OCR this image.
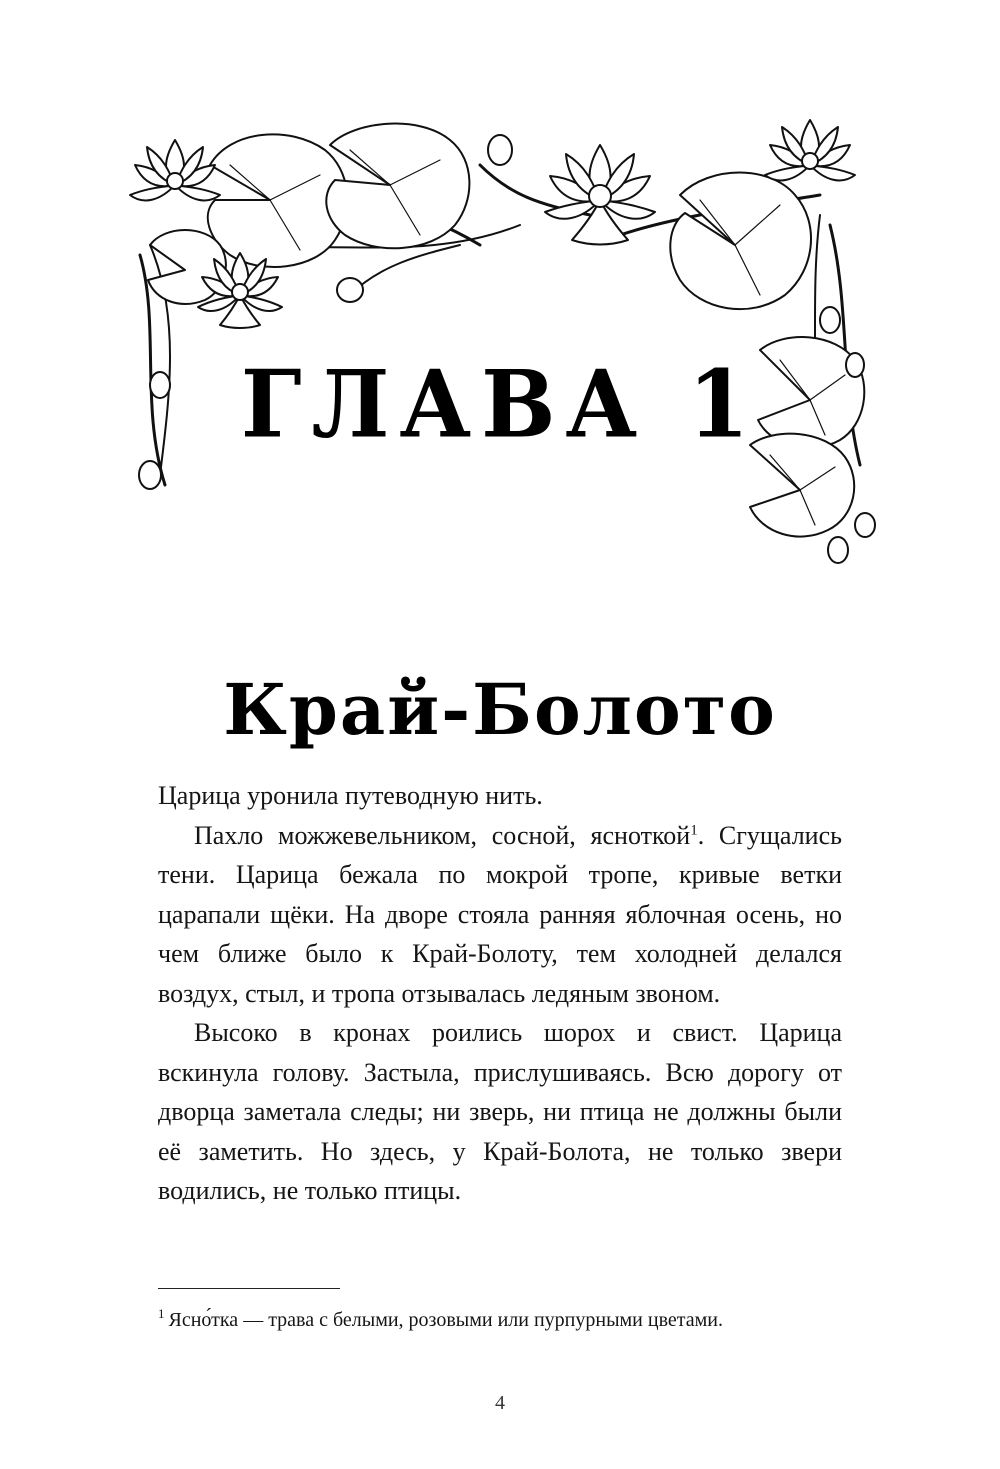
ГЛАВА 1
Край-Болото

Царица уронила путеводную нить.

Пахло можжевельником, сосной, ясноткой$^1$. Сгущались тени. Царица бежала по мокрой тропе, кривые ветки царапали щёки. На дворе стояла ранняя яблочная осень, но чем ближе было к Край-Болоту, тем холодней делался воздух, стыл, и тропа отзывалась ледяным звоном.

Высоко в кронах роились шорох и свист. Царица вскинула голову. Застыла, прислушиваясь. Всю дорогу от дворца заметала следы; ни зверь, ни птица не должны были её заметить. Но здесь, у Край-Болота, не только звери водились, не только птицы.

$^1$ Ясно́тка — трава с белыми, розовыми или пурпурными цветами.
4
